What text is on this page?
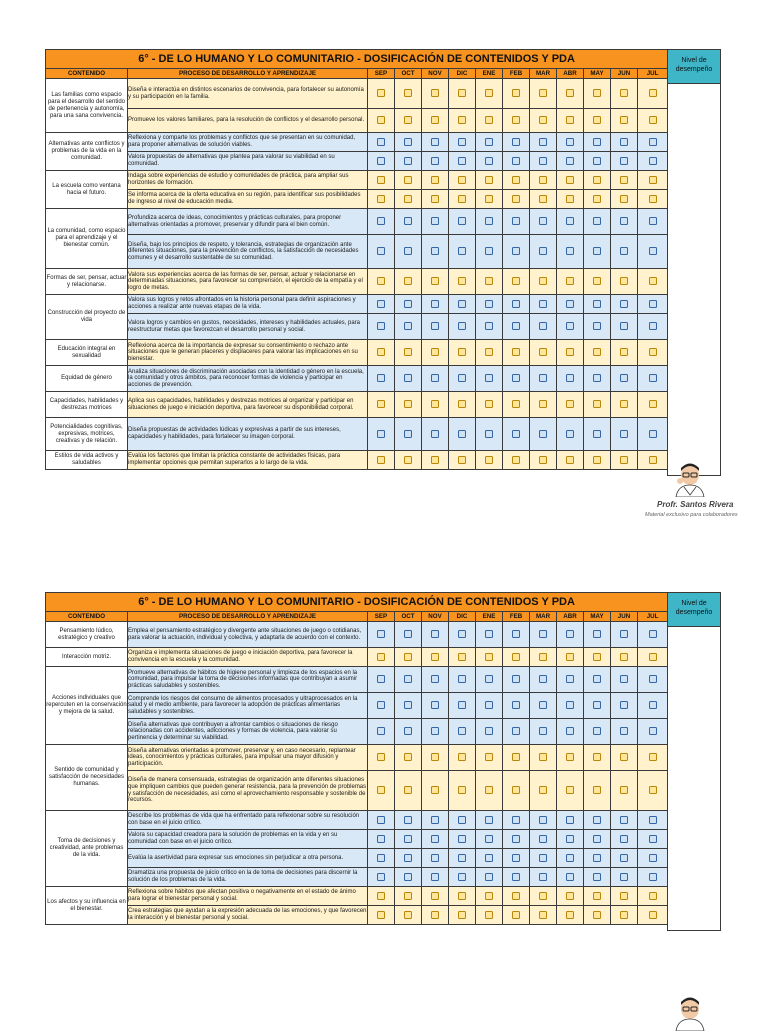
6° - DE LO HUMANO Y LO COMUNITARIO - DOSIFICACIÓN DE CONTENIDOS Y PDA												
CONTENIDO	PROCESO DE DESARROLLO Y APRENDIZAJE	SEP	OCT	NOV	DIC	ENE	FEB	MAR	ABR	MAY	JUN	JUL
Las familias como espacio para el desarrollo del sentido de pertenencia y autonomía, para una sana convivencia.	Diseña e interactúa en distintos escenarios de convivencia, para fortalecer su autonomía y su participación en la familia.											
	Promueve los valores familiares, para la resolución de conflictos y el desarrollo personal.											
Alternativas ante conflictos y problemas de la vida en la comunidad.	Reflexiona y comparte los problemas y conflictos que se presentan en su comunidad, para proponer alternativas de solución viables.											
	Valora propuestas de alternativas que plantea para valorar su viabilidad en su comunidad.											
La escuela como ventana hacia el futuro.	Indaga sobre experiencias de estudio y comunidades de práctica, para ampliar sus horizontes de formación.											
	Se informa acerca de la oferta educativa en su región, para identificar sus posibilidades de ingreso al nivel de educación media.											
La comunidad, como espacio para el aprendizaje y el bienestar común.	Profundiza acerca de ideas, conocimientos y prácticas culturales, para proponer alternativas orientadas a promover, preservar y difundir para el bien común.											
	Diseña, bajo los principios de respeto, y tolerancia, estrategias de organización ante diferentes situaciones, para la prevención de conflictos, la satisfacción de necesidades comunes y el desarrollo sustentable de su comunidad.											
Formas de ser, pensar, actuar y relacionarse.	Valora sus experiencias acerca de las formas de ser, pensar, actuar y relacionarse en determinadas situaciones, para favorecer su comprensión, el ejercicio de la empatía y el logro de metas.											
Construcción del proyecto de vida	Valora sus logros y retos afrontados en la historia personal para definir aspiraciones y acciones a realizar ante nuevas etapas de la vida.											
	Valora logros y cambios en gustos, necesidades, intereses y habilidades actuales, para reestructurar metas que favorezcan el desarrollo personal y social.											
Educación integral en sexualidad	Reflexiona acerca de la importancia de expresar su consentimiento o rechazo ante situaciones que le generan placeres y displaceres para valorar las implicaciones en su bienestar.											
Equidad de género	Analiza situaciones de discriminación asociadas con la identidad o género en la escuela, la comunidad y otros ámbitos, para reconocer formas de violencia y participar en acciones de prevención.											
Capacidades, habilidades y destrezas motrices	Aplica sus capacidades, habilidades y destrezas motrices al organizar y participar en situaciones de juego e iniciación deportiva, para favorecer su disponibilidad corporal.											
Potencialidades cognitivas, expresivas, motrices, creativas y de relación.	Diseña propuestas de actividades lúdicas y expresivas a partir de sus intereses, capacidades y habilidades, para fortalecer su imagen corporal.											
Estilos de vida activos y saludables	Evalúa los factores que limitan la práctica constante de actividades físicas, para implementar opciones que permitan superarlos a lo largo de la vida.											
Nivel de desempeño
Profr. Santos Rivera
Material exclusivo para colaboradores
6° - DE LO HUMANO Y LO COMUNITARIO - DOSIFICACIÓN DE CONTENIDOS Y PDA												
CONTENIDO	PROCESO DE DESARROLLO Y APRENDIZAJE	SEP	OCT	NOV	DIC	ENE	FEB	MAR	ABR	MAY	JUN	JUL
Pensamiento lúdico, estratégico y creativo	Emplea el pensamiento estratégico y divergente ante situaciones de juego o cotidianas, para valorar la actuación, individual y colectiva, y adaptarla de acuerdo con el contexto.											
Interacción motriz.	Organiza e implementa situaciones de juego e iniciación deportiva, para favorecer la convivencia en la escuela y la comunidad.											
Acciones individuales que repercuten en la conservación y mejora de la salud.	Promueve alternativas de hábitos de higiene personal y limpieza de los espacios en la comunidad, para impulsar la toma de decisiones informadas que contribuyan a asumir prácticas saludables y sostenibles.											
	Comprende los riesgos del consumo de alimentos procesados y ultraprocesados en la salud y el medio ambiente, para favorecer la adopción de prácticas alimentarias saludables y sostenibles.											
	Diseña alternativas que contribuyen a afrontar cambios o situaciones de riesgo relacionadas con accidentes, adicciones y formas de violencia, para valorar su pertinencia y determinar su viabilidad.											
Sentido de comunidad y satisfacción de necesidades humanas.	Diseña alternativas orientadas a promover, preservar y, en caso necesario, replantear ideas, conocimientos y prácticas culturales, para impulsar una mayor difusión y participación.											
	Diseña de manera consensuada, estrategias de organización ante diferentes situaciones que impliquen cambios que pueden generar resistencia, para la prevención de problemas y satisfacción de necesidades, así como el aprovechamiento responsable y sostenible de recursos.											
Toma de decisiones y creatividad, ante problemas de la vida.	Describe los problemas de vida que ha enfrentado para reflexionar sobre su resolución con base en el juicio crítico.											
	Valora su capacidad creadora para la solución de problemas en la vida y en su comunidad con base en el juicio crítico.											
	Evalúa la asertividad para expresar sus emociones sin perjudicar a otra persona.											
	Dramatiza una propuesta de juicio crítico en la de toma de decisiones para discernir la solución de los problemas de la vida.											
Los afectos y su influencia en el bienestar.	Reflexiona sobre hábitos que afectan positiva o negativamente en el estado de ánimo para lograr el bienestar personal y social.											
	Crea estrategias que ayudan a la expresión adecuada de las emociones, y que favorecen la interacción y el bienestar personal y social.											
Nivel de desempeño
